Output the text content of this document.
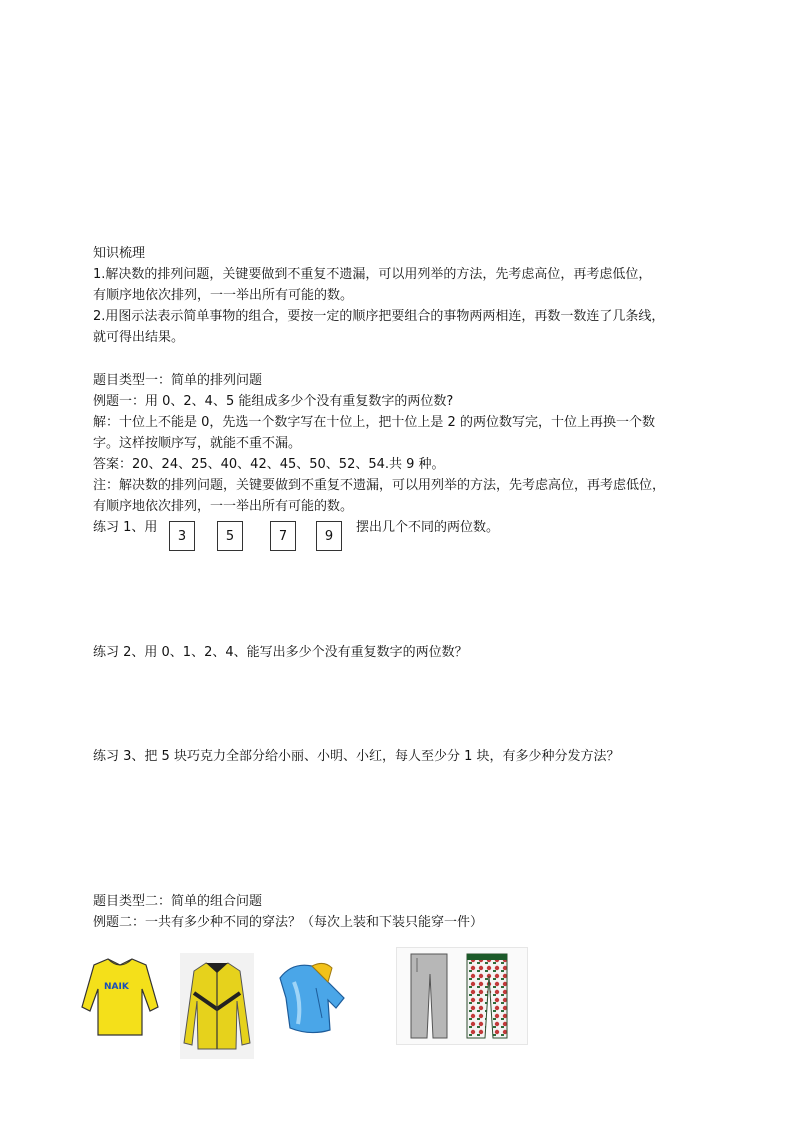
知识梳理
1.解决数的排列问题，关键要做到不重复不遗漏，可以用列举的方法，先考虑高位，再考虑低位，
有顺序地依次排列，一一举出所有可能的数。
2.用图示法表示简单事物的组合，要按一定的顺序把要组合的事物两两相连，再数一数连了几条线，
就可得出结果。
题目类型一：简单的排列问题
例题一：用 0、2、4、5 能组成多少个没有重复数字的两位数?
解：十位上不能是 0，先选一个数字写在十位上，把十位上是 2 的两位数写完，十位上再换一个数
字。这样按顺序写，就能不重不漏。
答案：20、24、25、40、42、45、50、52、54.共 9 种。
注：解决数的排列问题，关键要做到不重复不遗漏，可以用列举的方法，先考虑高位，再考虑低位，
有顺序地依次排列，一一举出所有可能的数。
练习 1、用
3	5	7	9
摆出几个不同的两位数。
练习 2、用 0、1、2、4、能写出多少个没有重复数字的两位数？
练习 3、把 5 块巧克力全部分给小丽、小明、小红，每人至少分 1 块，有多少种分发方法？
题目类型二：简单的组合问题
例题二：一共有多少种不同的穿法？（每次上装和下装只能穿一件）
NAIK
